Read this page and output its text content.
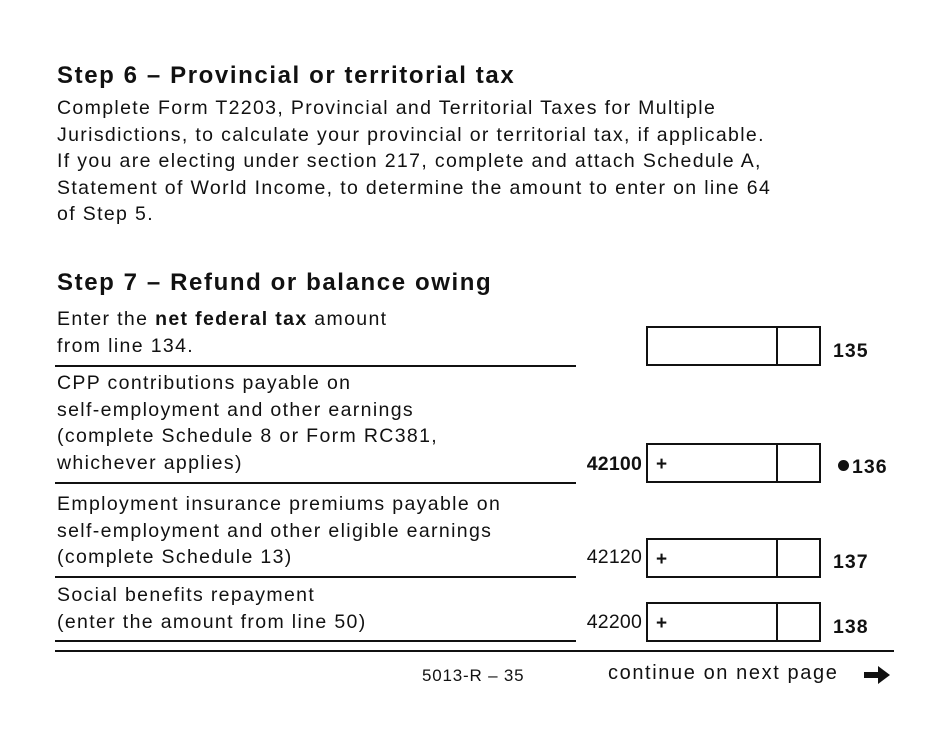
Step 6 – Provincial or territorial tax
Complete Form T2203, Provincial and Territorial Taxes for Multiple
Jurisdictions, to calculate your provincial or territorial tax, if applicable.
If you are electing under section 217, complete and attach Schedule A,
Statement of World Income, to determine the amount to enter on line 64
of Step 5.
Step 7 – Refund or balance owing
Enter the net federal tax amount
from line 134.	135
CPP contributions payable on
self-employment and other earnings
(complete Schedule 8 or Form RC381,
whichever applies)	42100 +	136
Employment insurance premiums payable on
self-employment and other eligible earnings
(complete Schedule 13)	42120 +	137
Social benefits repayment
(enter the amount from line 50)	42200 +	138
5013-R – 35	continue on next page
